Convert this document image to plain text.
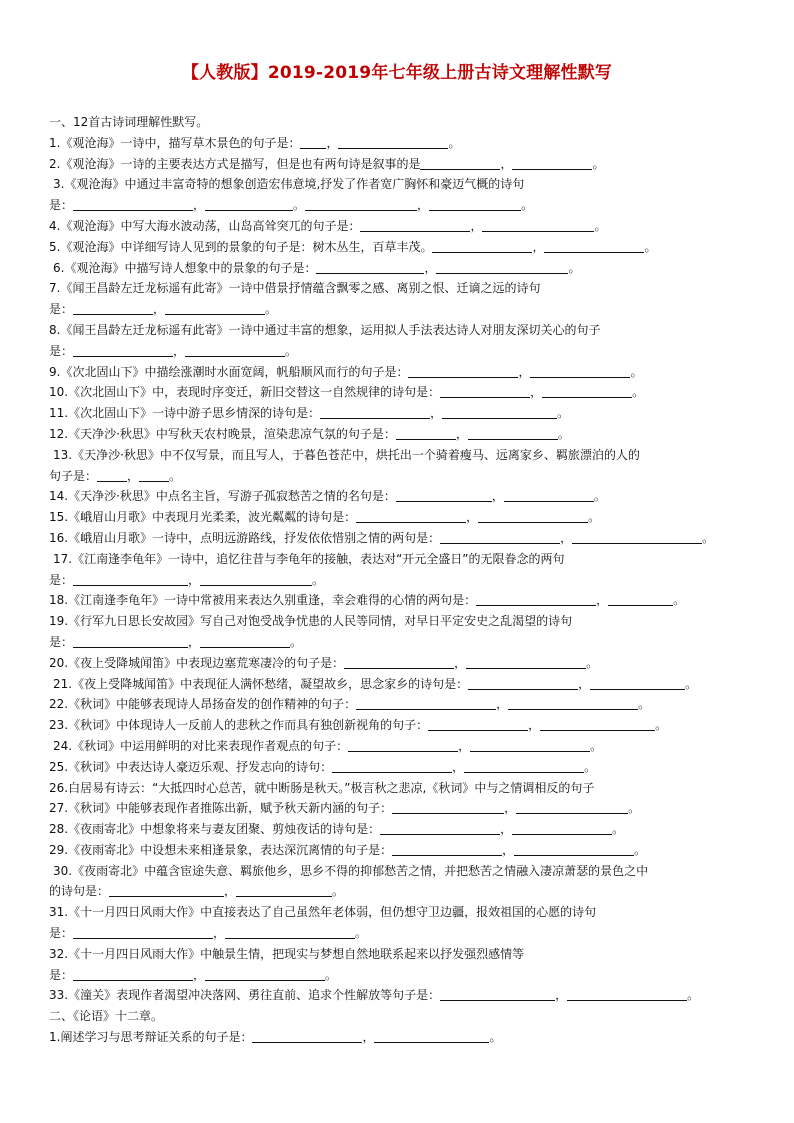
【人教版】2019-2019年七年级上册古诗文理解性默写
一、12首古诗词理解性默写。
1.《观沧海》一诗中，描写草木景色的句子是： ，	。
2.《观沧海》一诗的主要表达方式是描写，但是也有两句诗是叙事的是	，	。
3.《观沧海》中通过丰富奇特的想象创造宏伟意境,抒发了作者宽广胸怀和豪迈气概的诗句
是：	，	。	，	。
4.《观沧海》中写大海水波动荡，山岛高耸突兀的句子是：	，	。
5.《观沧海》中详细写诗人见到的景象的句子是：树木丛生，百草丰茂。	，	。
6.《观沧海》中描写诗人想象中的景象的句子是：	，	。
7.《闻王昌龄左迁龙标遥有此寄》一诗中借景抒情蕴含飘零之感、离别之恨、迁谪之远的诗句
是：	，	。
8.《闻王昌龄左迁龙标遥有此寄》一诗中通过丰富的想象，运用拟人手法表达诗人对朋友深切关心的句子
是：	，	。
9.《次北固山下》中描绘涨潮时水面宽阔，帆船顺风而行的句子是：	，	。
10.《次北固山下》中，表现时序变迁，新旧交替这一自然规律的诗句是：	，	。
11.《次北固山下》一诗中游子思乡情深的诗句是：	，	。
12.《天净沙·秋思》中写秋天农村晚景，渲染悲凉气氛的句子是：	，	。
13.《天净沙·秋思》中不仅写景，而且写人，于暮色苍茫中，烘托出一个骑着瘦马、远离家乡、羁旅漂泊的人的
句子是：	，	。
14.《天净沙·秋思》中点名主旨，写游子孤寂愁苦之情的名句是：	，	。
15.《峨眉山月歌》中表现月光柔柔，波光粼粼的诗句是：	，	。
16.《峨眉山月歌》一诗中，点明远游路线，抒发依依惜别之情的两句是：	，	。
17.《江南逢李龟年》一诗中，追忆往昔与李龟年的接触，表达对“开元全盛日”的无限眷念的两句
是：	，	。
18.《江南逢李龟年》一诗中常被用来表达久别重逢，幸会难得的心情的两句是：	，	。
19.《行军九日思长安故园》写自己对饱受战争忧患的人民等同情，对早日平定安史之乱渴望的诗句
是：	，	。
20.《夜上受降城闻笛》中表现边塞荒寒凄冷的句子是：	，	。
21.《夜上受降城闻笛》中表现征人满怀愁绪，凝望故乡，思念家乡的诗句是：	，	。
22.《秋词》中能够表现诗人昂扬奋发的创作精神的句子：	，	。
23.《秋词》中体现诗人一反前人的悲秋之作而具有独创新视角的句子：	，	。
24.《秋词》中运用鲜明的对比来表现作者观点的句子：	，	。
25.《秋词》中表达诗人豪迈乐观、抒发志向的诗句：	，	。
26.白居易有诗云：“大抵四时心总苦，就中断肠是秋天。”极言秋之悲凉,《秋词》中与之情调相反的句子
27.《秋词》中能够表现作者推陈出新，赋予秋天新内涵的句子：	，	。
28.《夜雨寄北》中想象将来与妻友团聚、剪烛夜话的诗句是：	，	。
29.《夜雨寄北》中设想未来相逢景象，表达深沉离情的句子是：	，	。
30.《夜雨寄北》中蕴含宦途失意、羁旅他乡，思乡不得的抑郁愁苦之情，并把愁苦之情融入凄凉萧瑟的景色之中
的诗句是：	，	。
31.《十一月四日风雨大作》中直接表达了自己虽然年老体弱，但仍想守卫边疆，报效祖国的心愿的诗句
是：	，	。
32.《十一月四日风雨大作》中触景生情，把现实与梦想自然地联系起来以抒发强烈感情等
是：	，	。
33.《潼关》表现作者渴望冲决落网、勇往直前、追求个性解放等句子是：	，	。
二、《论语》十二章。
1.阐述学习与思考辩证关系的句子是：	，	。
